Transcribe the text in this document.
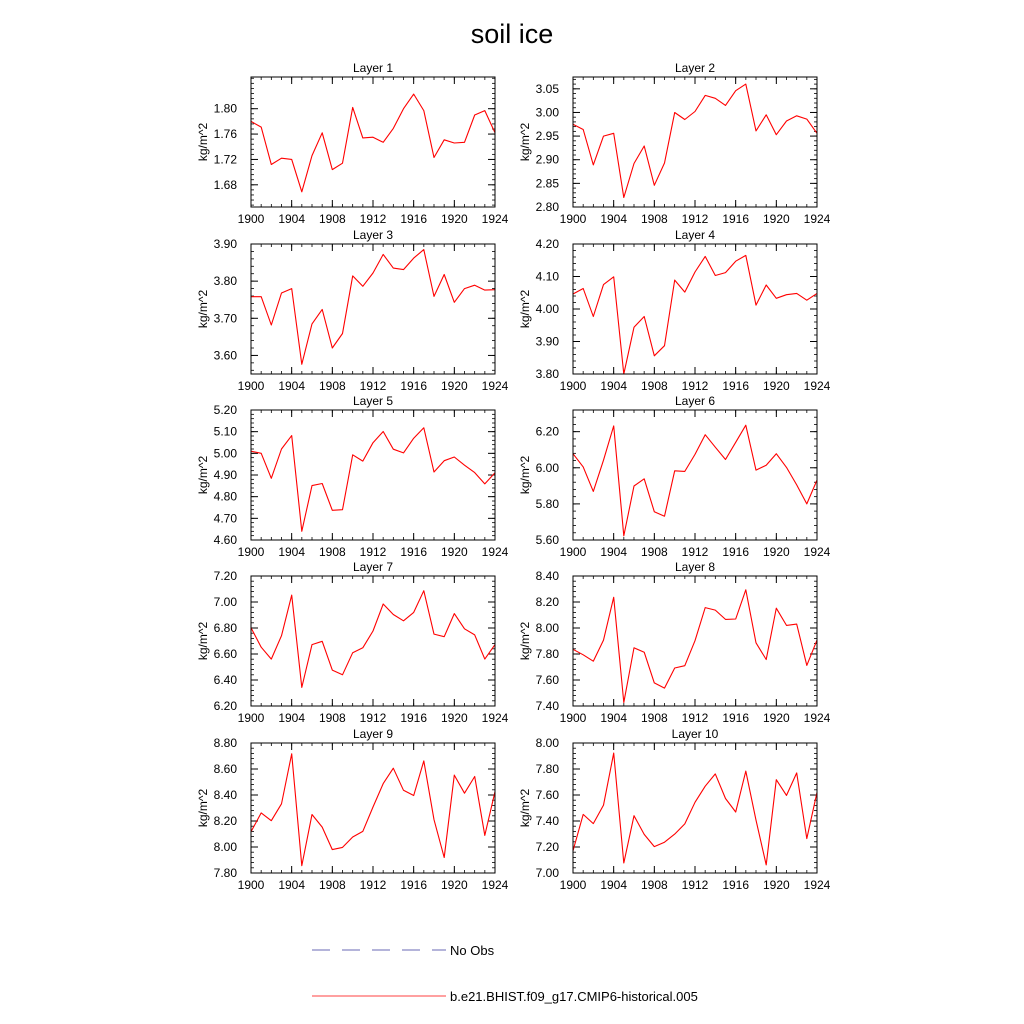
soil ice
Layer 1
kg/m^2
1900 1904 1908 1912 1916 1920 1924
1.68
1.72
1.76
1.80
Layer 2
kg/m^2
1900 1904 1908 1912 1916 1920 1924
2.80
2.85
2.90
2.95
3.00
3.05
Layer 3
kg/m^2
1900 1904 1908 1912 1916 1920 1924
3.60
3.70
3.80
3.90
Layer 4
kg/m^2
1900 1904 1908 1912 1916 1920 1924
3.80
3.90
4.00
4.10
4.20
Layer 5
kg/m^2
1900 1904 1908 1912 1916 1920 1924
4.60
4.70
4.80
4.90
5.00
5.10
5.20
Layer 6
kg/m^2
1900 1904 1908 1912 1916 1920 1924
5.60
5.80
6.00
6.20
Layer 7
kg/m^2
1900 1904 1908 1912 1916 1920 1924
6.20
6.40
6.60
6.80
7.00
7.20
Layer 8
kg/m^2
1900 1904 1908 1912 1916 1920 1924
7.40
7.60
7.80
8.00
8.20
8.40
Layer 9
kg/m^2
1900 1904 1908 1912 1916 1920 1924
7.80
8.00
8.20
8.40
8.60
8.80
Layer 10
kg/m^2
1900 1904 1908 1912 1916 1920 1924
7.00
7.20
7.40
7.60
7.80
8.00
No Obs
b.e21.BHIST.f09_g17.CMIP6-historical.005
